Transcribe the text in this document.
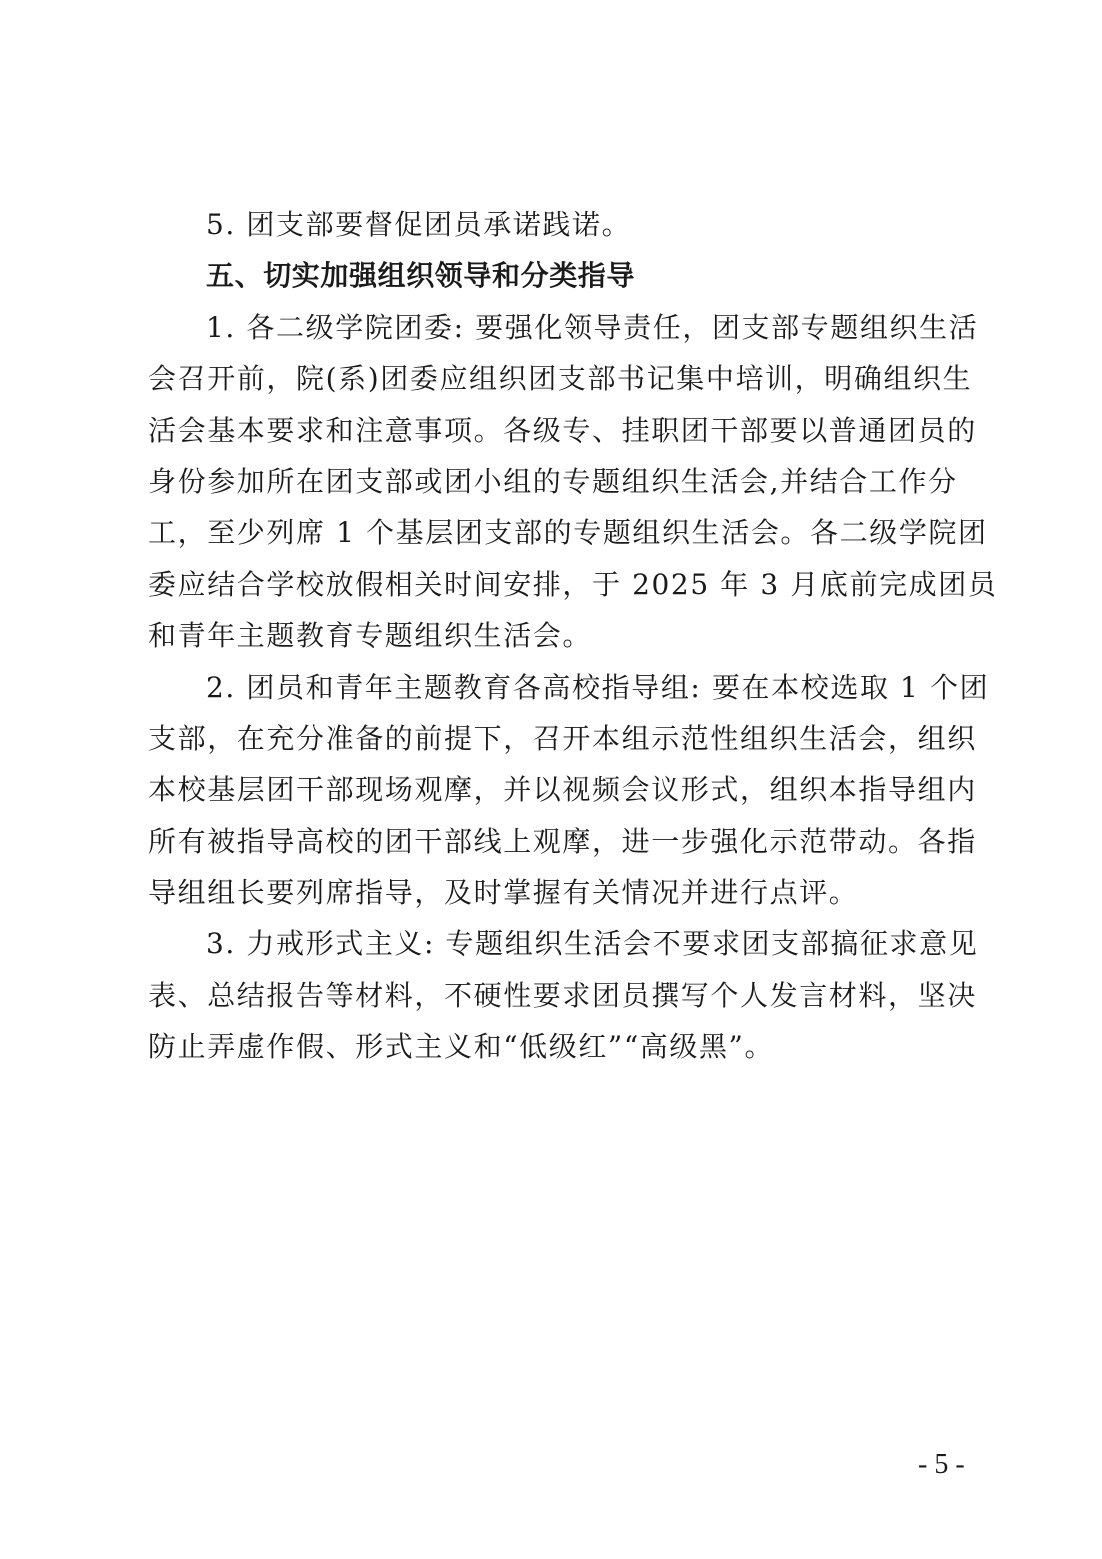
5. 团支部要督促团员承诺践诺。
五、切实加强组织领导和分类指导
1. 各二级学院团委: 要强化领导责任，团支部专题组织生活
会召开前，院(系)团委应组织团支部书记集中培训，明确组织生
活会基本要求和注意事项。各级专、挂职团干部要以普通团员的
身份参加所在团支部或团小组的专题组织生活会,并结合工作分
工，至少列席 1 个基层团支部的专题组织生活会。各二级学院团
委应结合学校放假相关时间安排，于 2025 年 3 月底前完成团员
和青年主题教育专题组织生活会。
2. 团员和青年主题教育各高校指导组: 要在本校选取 1 个团
支部，在充分准备的前提下，召开本组示范性组织生活会，组织
本校基层团干部现场观摩，并以视频会议形式，组织本指导组内
所有被指导高校的团干部线上观摩，进一步强化示范带动。各指
导组组长要列席指导，及时掌握有关情况并进行点评。
3. 力戒形式主义: 专题组织生活会不要求团支部搞征求意见
表、总结报告等材料，不硬性要求团员撰写个人发言材料，坚决
防止弄虚作假、形式主义和“低级红”“高级黑”。
- 5 -
